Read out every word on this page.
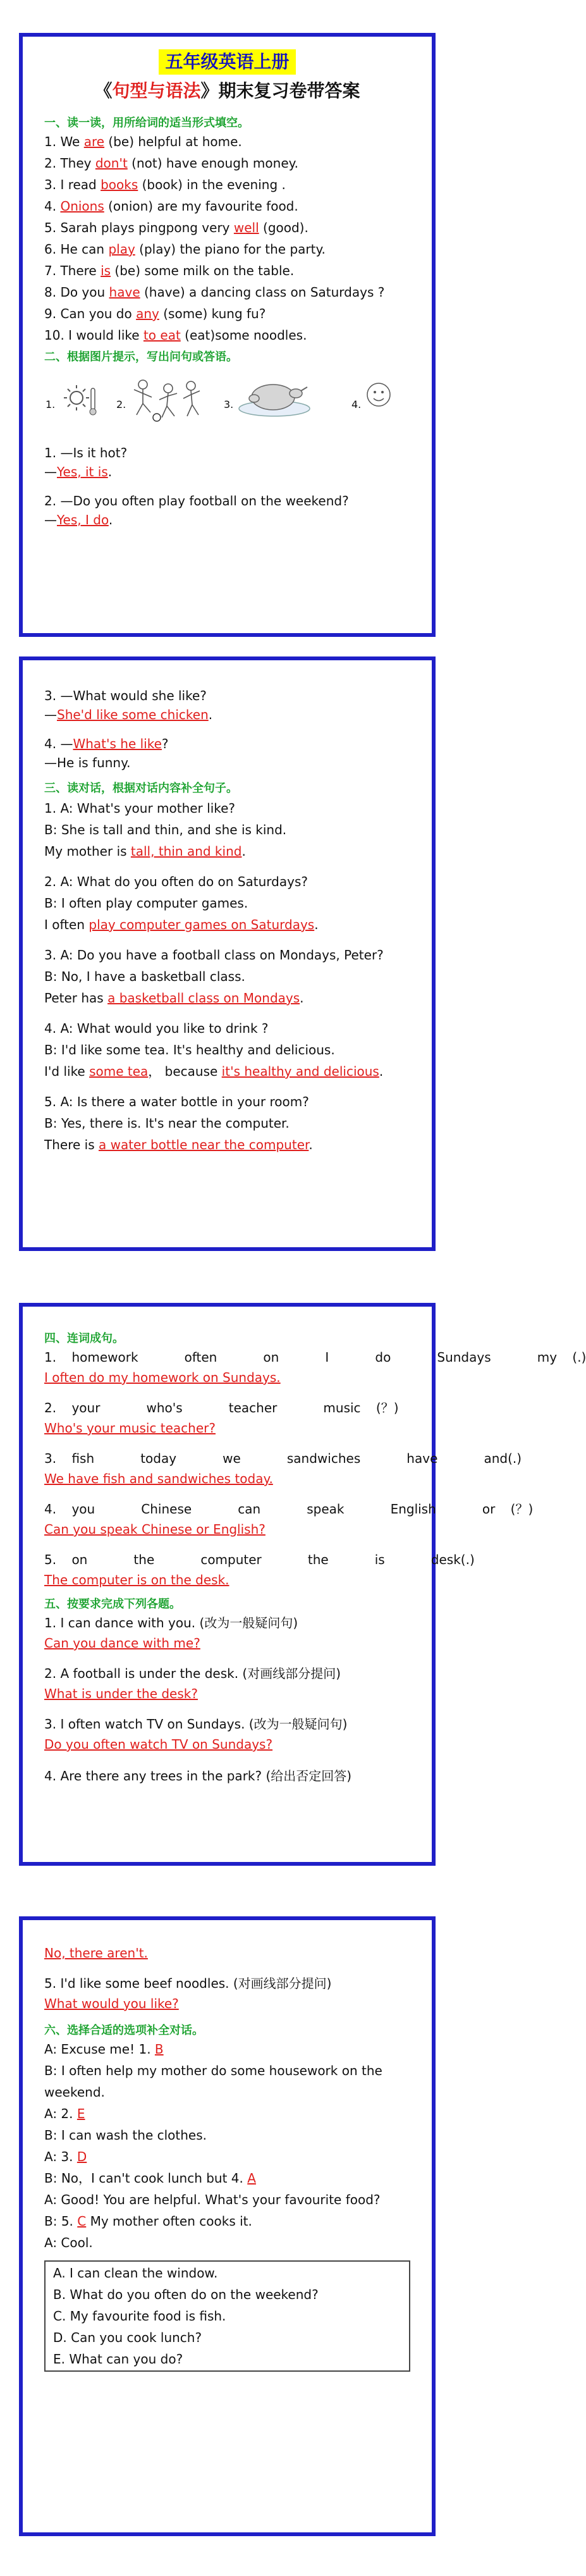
五年级英语上册
《句型与语法》期末复习卷带答案
一、读一读，用所给词的适当形式填空。

1. We are (be) helpful at home.

2. They don't (not) have enough money.

3. I read books (book) in the evening .

4. Onions (onion) are my favourite food.

5. Sarah plays pingpong very well (good).

6. He can play (play) the piano for the party.

7. There is (be) some milk on the table.

8. Do you have (have) a dancing class on Saturdays ?

9. Can you do any (some) kung fu?

10. I would like to eat (eat)some noodles.

二、根据图片提示，写出问句或答语。
1.	2.	3.	4.

1. —Is it hot?

—Yes, it is.

2. —Do you often play football on the weekend?

—Yes, I do.

3. —What would she like?

—She'd like some chicken.

4. —What's he like?

—He is funny.

三、读对话，根据对话内容补全句子。

1. A: What's your mother like?

B: She is tall and thin, and she is kind.

My mother is tall, thin and kind.

2. A: What do you often do on Saturdays?

B: I often play computer games.

I often play computer games on Saturdays.

3. A: Do you have a football class on Mondays, Peter?

B: No, I have a basketball class.

Peter has a basketball class on Mondays.

4. A: What would you like to drink ?

B: I'd like some tea. It's healthy and delicious.

I'd like some tea， because it's healthy and delicious.

5. A: Is there a water bottle in your room?

B: Yes, there is. It's near the computer.

There is a water bottle near the computer.

四、连词成句。

1. homework   often   on   I   do   Sundays   my (.)

I often do my homework on Sundays.

2. your   who's   teacher   music (？)

Who's your music teacher?

3. fish   today   we   sandwiches   have   and(.)

We have fish and sandwiches today.

4. you   Chinese   can   speak   English   or (？)

Can you speak Chinese or English?

5. on   the   computer   the   is   desk(.)

The computer is on the desk.

五、按要求完成下列各题。

1. I can dance with you. (改为一般疑问句)

Can you dance with me?

2. A football is under the desk. (对画线部分提问)

What is under the desk?

3. I often watch TV on Sundays. (改为一般疑问句)

Do you often watch TV on Sundays?

4. Are there any trees in the park? (给出否定回答)

No, there aren't.

5. I'd like some beef noodles. (对画线部分提问)

What would you like?

六、选择合适的选项补全对话。

A: Excuse me! 1. B

B: I often help my mother do some housework on the

weekend.

A: 2. E

B: I can wash the clothes.

A: 3. D

B: No，I can't cook lunch but 4. A

A: Good! You are helpful. What's your favourite food?

B: 5. C My mother often cooks it.

A: Cool.

A. I can clean the window.

B. What do you often do on the weekend?

C. My favourite food is fish.

D. Can you cook lunch?

E. What can you do?
